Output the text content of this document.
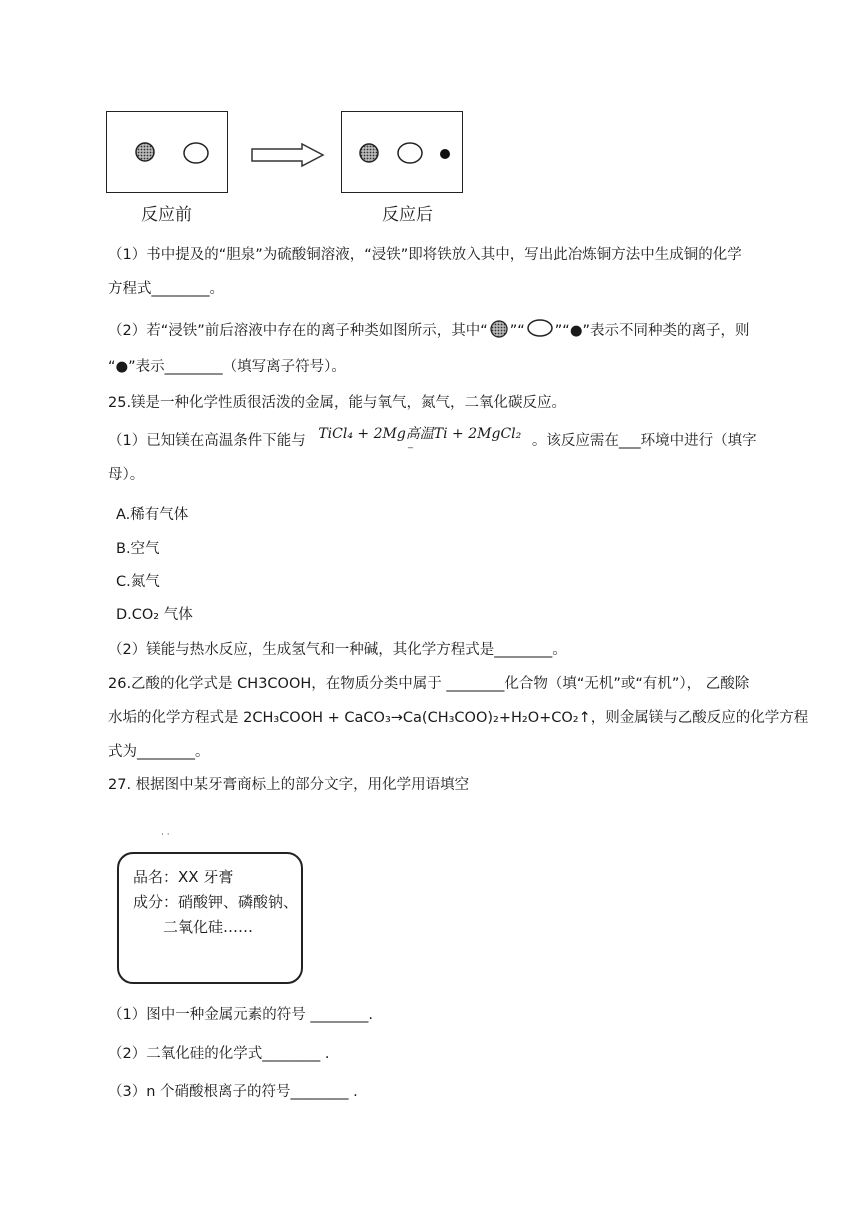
反应前	反应后
（1）书中提及的“胆泉”为硫酸铜溶液，“浸铁”即将铁放入其中，写出此冶炼铜方法中生成铜的化学
方程式________。
（2）若“浸铁”前后溶液中存在的离子种类如图所示，其中“ ”“ ”“●”表示不同种类的离子，则
“●”表示________（填写离子符号）。
25.镁是一种化学性质很活泼的金属，能与氧气，氮气，二氧化碳反应。
（1）已知镁在高温条件下能与 TiCl₄ + 2Mg高温Ti + 2MgCl₂ 。该反应需在___环境中进行（填字
‾
母）。
A.稀有气体
B.空气
C.氮气
D.CO₂ 气体
（2）镁能与热水反应，生成氢气和一种碱，其化学方程式是________。
26.乙酸的化学式是 CH3COOH，在物质分类中属于 ________化合物（填“无机”或“有机”）， 乙酸除
水垢的化学方程式是 2CH₃COOH + CaCO₃→Ca(CH₃COO)₂+H₂O+CO₂↑，则金属镁与乙酸反应的化学方程
式为________。
27. 根据图中某牙膏商标上的部分文字，用化学用语填空
· ·
品名：XX 牙膏
成分：硝酸钾、磷酸钠、
二氧化硅……
（1）图中一种金属元素的符号 ________.
（2）二氧化硅的化学式________ .
（3）n 个硝酸根离子的符号________ .
